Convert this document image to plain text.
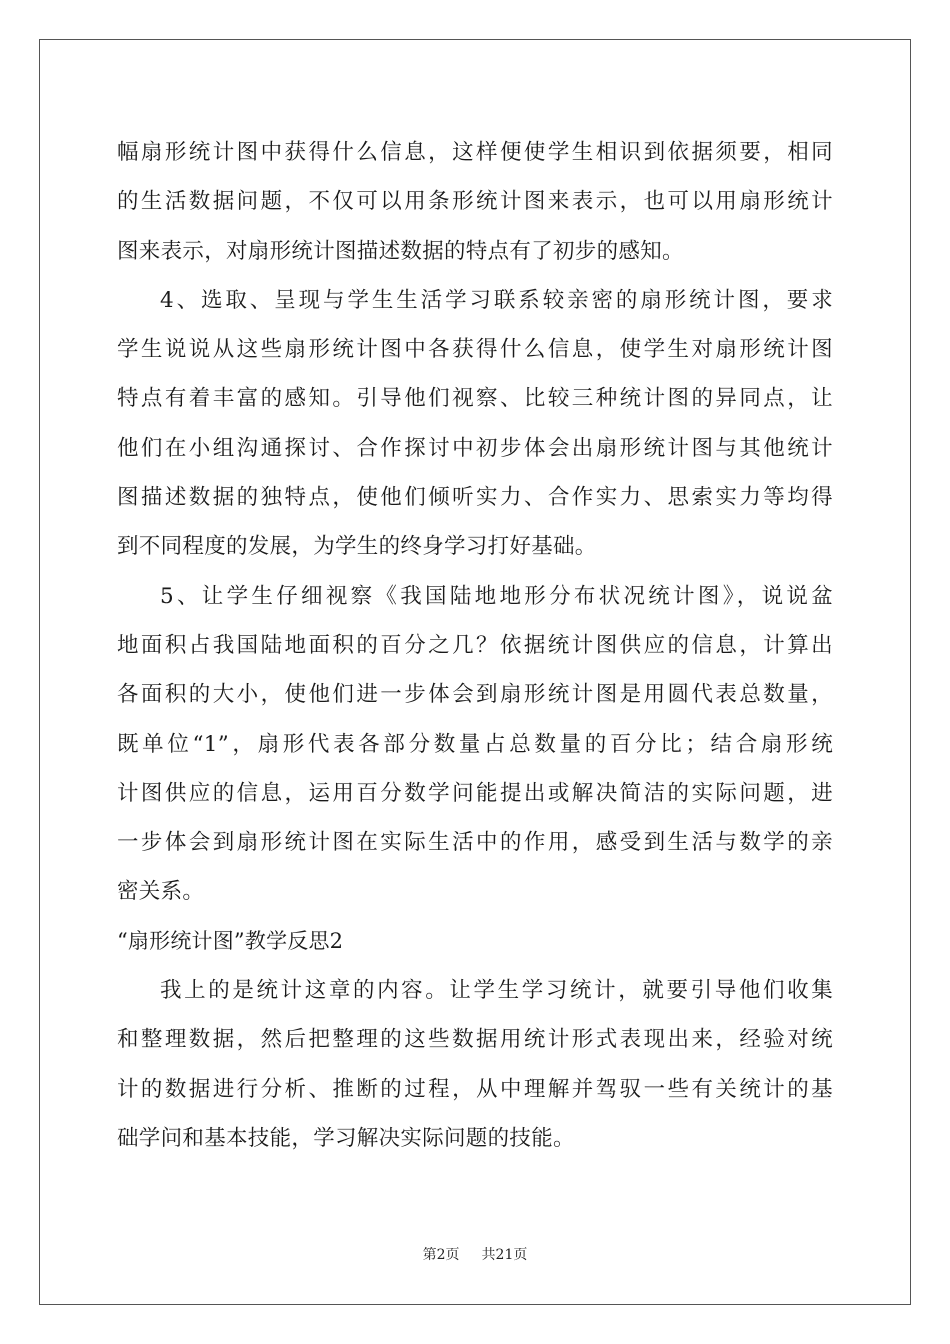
幅扇形统计图中获得什么信息，这样便使学生相识到依据须要，相同
的生活数据问题，不仅可以用条形统计图来表示，也可以用扇形统计
图来表示，对扇形统计图描述数据的特点有了初步的感知。
4、选取、呈现与学生生活学习联系较亲密的扇形统计图，要求
学生说说从这些扇形统计图中各获得什么信息，使学生对扇形统计图
特点有着丰富的感知。引导他们视察、比较三种统计图的异同点，让
他们在小组沟通探讨、合作探讨中初步体会出扇形统计图与其他统计
图描述数据的独特点，使他们倾听实力、合作实力、思索实力等均得
到不同程度的发展，为学生的终身学习打好基础。
5、让学生仔细视察《我国陆地地形分布状况统计图》，说说盆
地面积占我国陆地面积的百分之几？依据统计图供应的信息，计算出
各面积的大小，使他们进一步体会到扇形统计图是用圆代表总数量，
既单位“1”，扇形代表各部分数量占总数量的百分比；结合扇形统
计图供应的信息，运用百分数学问能提出或解决简洁的实际问题，进
一步体会到扇形统计图在实际生活中的作用，感受到生活与数学的亲
密关系。
“扇形统计图”教学反思2
我上的是统计这章的内容。让学生学习统计，就要引导他们收集
和整理数据，然后把整理的这些数据用统计形式表现出来，经验对统
计的数据进行分析、推断的过程，从中理解并驾驭一些有关统计的基
础学问和基本技能，学习解决实际问题的技能。
第2页 共21页
